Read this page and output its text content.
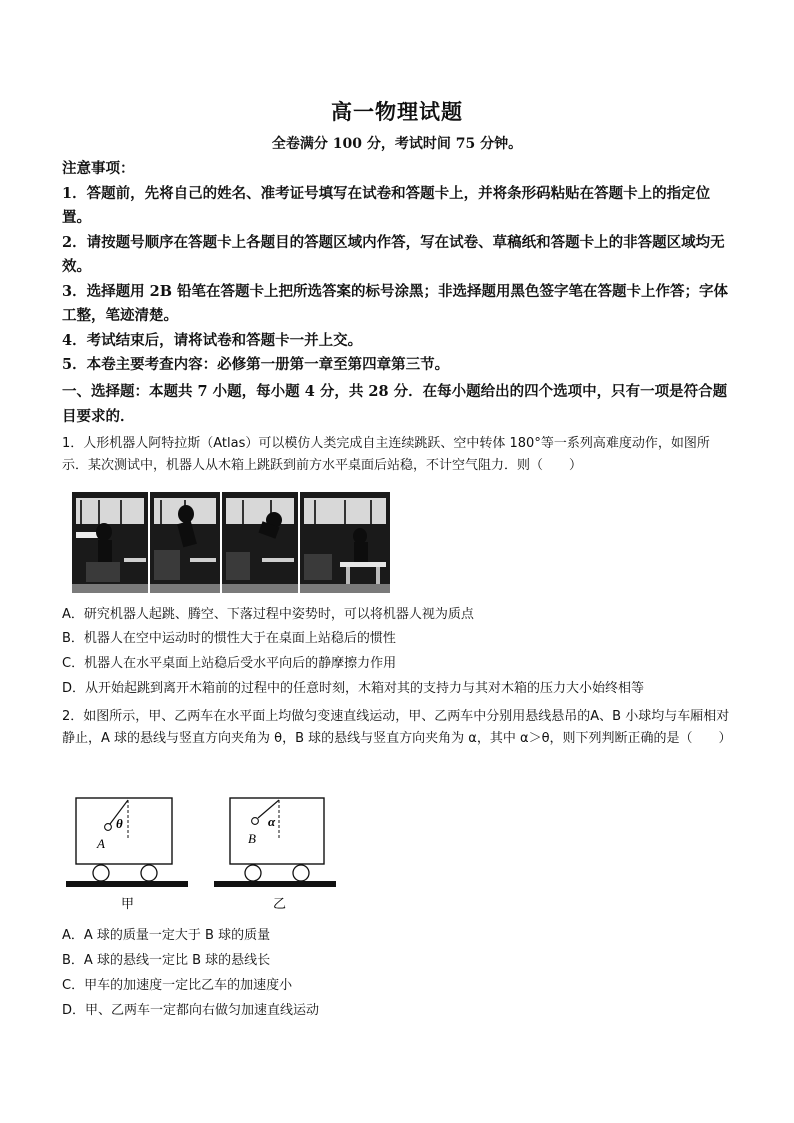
高一物理试题
全卷满分 100 分，考试时间 75 分钟。

注意事项：

1．答题前，先将自己的姓名、准考证号填写在试卷和答题卡上，并将条形码粘贴在答题卡上的指定位置。

2．请按题号顺序在答题卡上各题目的答题区域内作答，写在试卷、草稿纸和答题卡上的非答题区域均无效。

3．选择题用 2B 铅笔在答题卡上把所选答案的标号涂黑；非选择题用黑色签字笔在答题卡上作答；字体工整，笔迹清楚。

4．考试结束后，请将试卷和答题卡一并上交。

5．本卷主要考查内容：必修第一册第一章至第四章第三节。

一、选择题：本题共 7 小题，每小题 4 分，共 28 分．在每小题给出的四个选项中，只有一项是符合题目要求的．
1．人形机器人阿特拉斯（Atlas）可以模仿人类完成自主连续跳跃、空中转体 180°等一系列高难度动作，如图所示．某次测试中，机器人从木箱上跳跃到前方水平桌面后站稳，不计空气阻力．则（　　）
A．研究机器人起跳、腾空、下落过程中姿势时，可以将机器人视为质点
B．机器人在空中运动时的惯性大于在桌面上站稳后的惯性
C．机器人在水平桌面上站稳后受水平向后的静摩擦力作用
D．从开始起跳到离开木箱前的过程中的任意时刻，木箱对其的支持力与其对木箱的压力大小始终相等
2．如图所示，甲、乙两车在水平面上均做匀变速直线运动，甲、乙两车中分别用悬线悬吊的A、B 小球均与车厢相对静止，A 球的悬线与竖直方向夹角为 θ，B 球的悬线与竖直方向夹角为 α，其中 α＞θ，则下列判断正确的是（　　）
θ
A
甲
α
B
乙
A．A 球的质量一定大于 B 球的质量
B．A 球的悬线一定比 B 球的悬线长
C．甲车的加速度一定比乙车的加速度小
D．甲、乙两车一定都向右做匀加速直线运动
